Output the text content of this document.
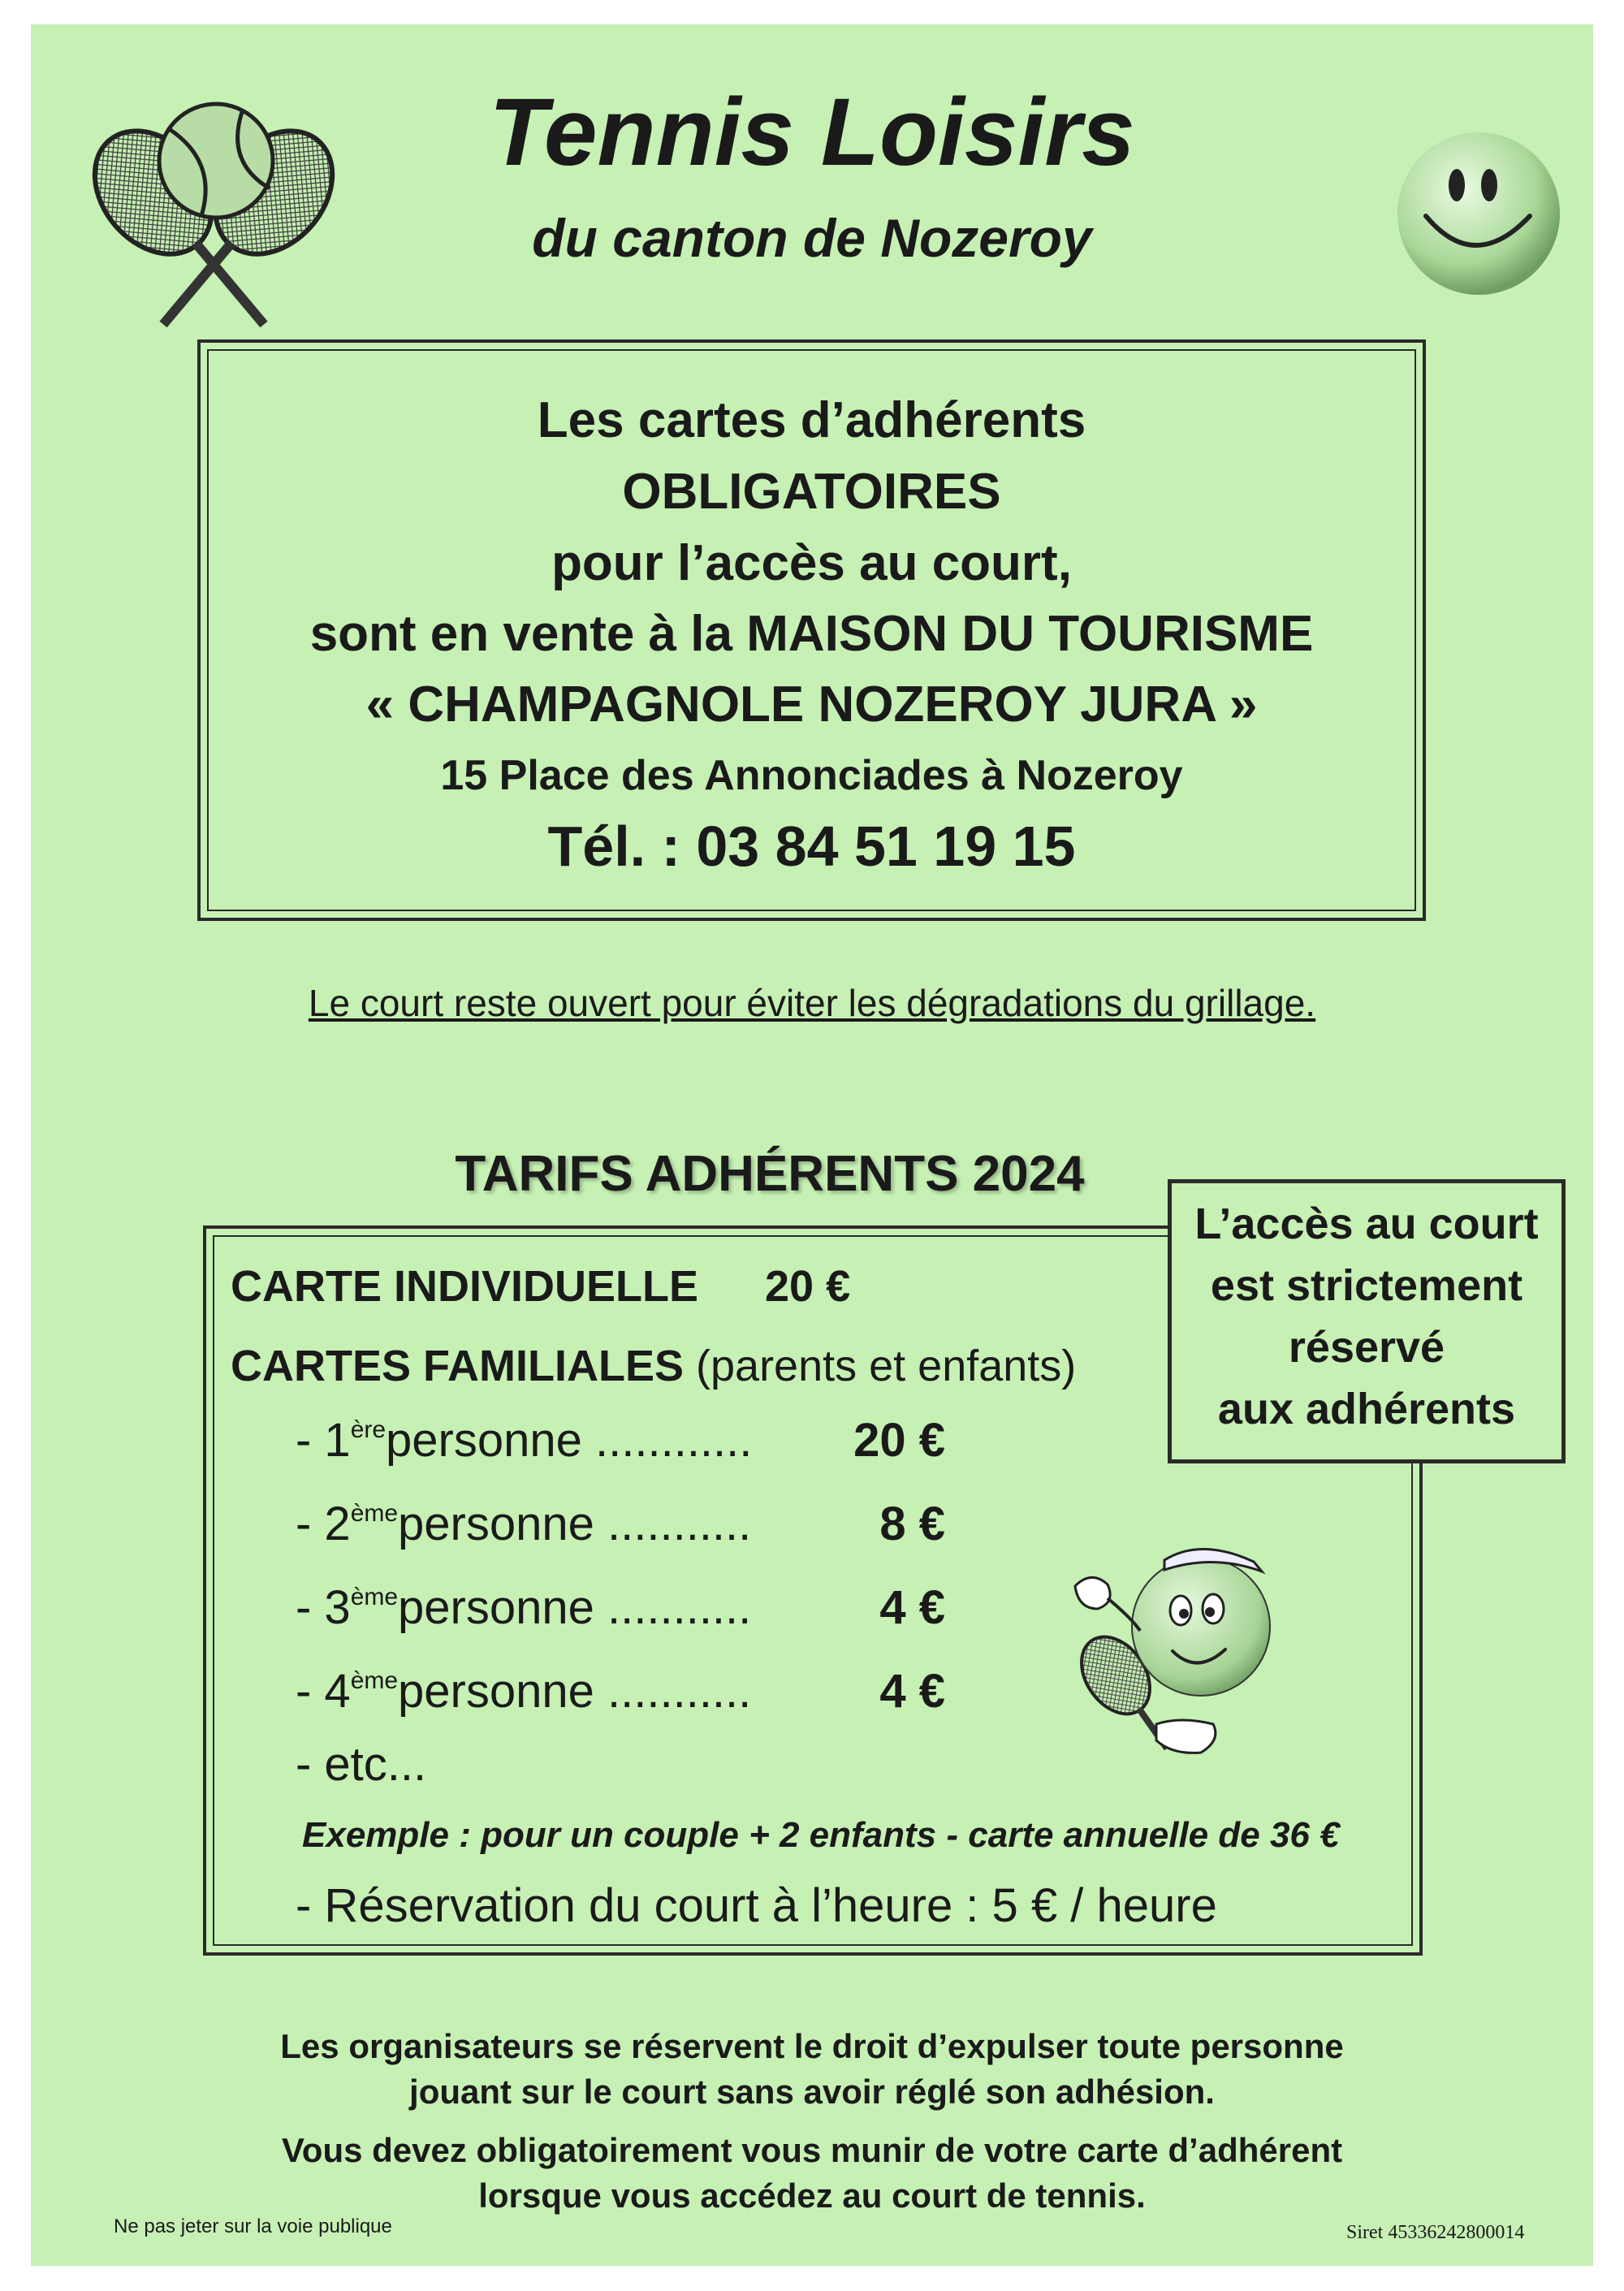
Tennis Loisirs
du canton de Nozeroy
Les cartes d’adhérents
OBLIGATOIRES
pour l’accès au court,
sont en vente à la MAISON DU TOURISME
« CHAMPAGNOLE NOZEROY JURA »
15 Place des Annonciades à Nozeroy
Tél. : 03 84 51 19 15
Le court reste ouvert pour éviter les dégradations du grillage.
TARIFS ADHÉRENTS 2024
CARTE INDIVIDUELLE 20 €
CARTES FAMILIALES (parents et enfants)
- 1èrepersonne ............	20 €
- 2èmepersonne ...........	8 €
- 3èmepersonne ...........	4 €
- 4èmepersonne ...........	4 €
- etc...
Exemple : pour un couple + 2 enfants - carte annuelle de 36 €
- Réservation du court à l’heure : 5 € / heure
L’accès au court
est strictement
réservé
aux adhérents
Les organisateurs se réservent le droit d’expulser toute personne
jouant sur le court sans avoir réglé son adhésion.
Vous devez obligatoirement vous munir de votre carte d’adhérent
lorsque vous accédez au court de tennis.
Ne pas jeter sur la voie publique	Siret 45336242800014
